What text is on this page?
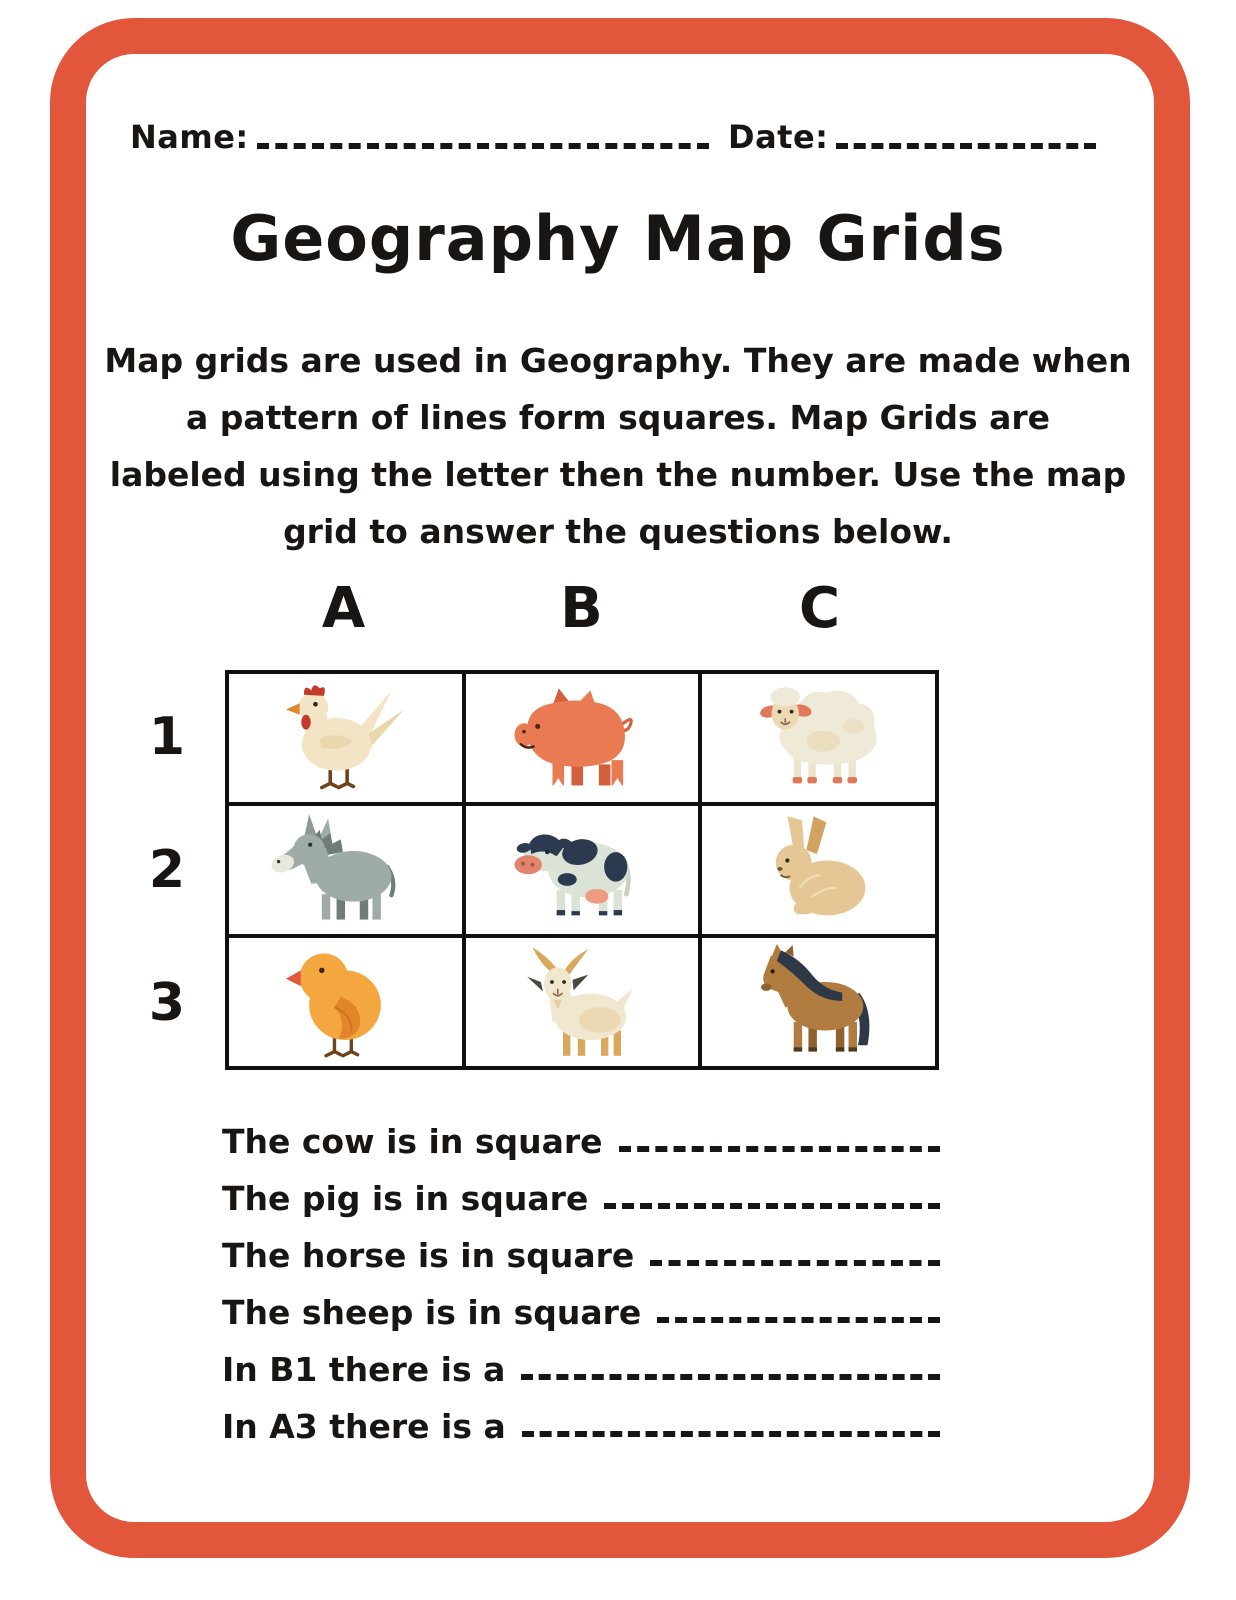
Name:	Date:
Geography Map Grids
Map grids are used in Geography. They are made when
a pattern of lines form squares. Map Grids are
labeled using the letter then the number. Use the map
grid to answer the questions below.
A	B	C
1
2
3
The cow is in square
The pig is in square
The horse is in square
The sheep is in square
In B1 there is a
In A3 there is a
